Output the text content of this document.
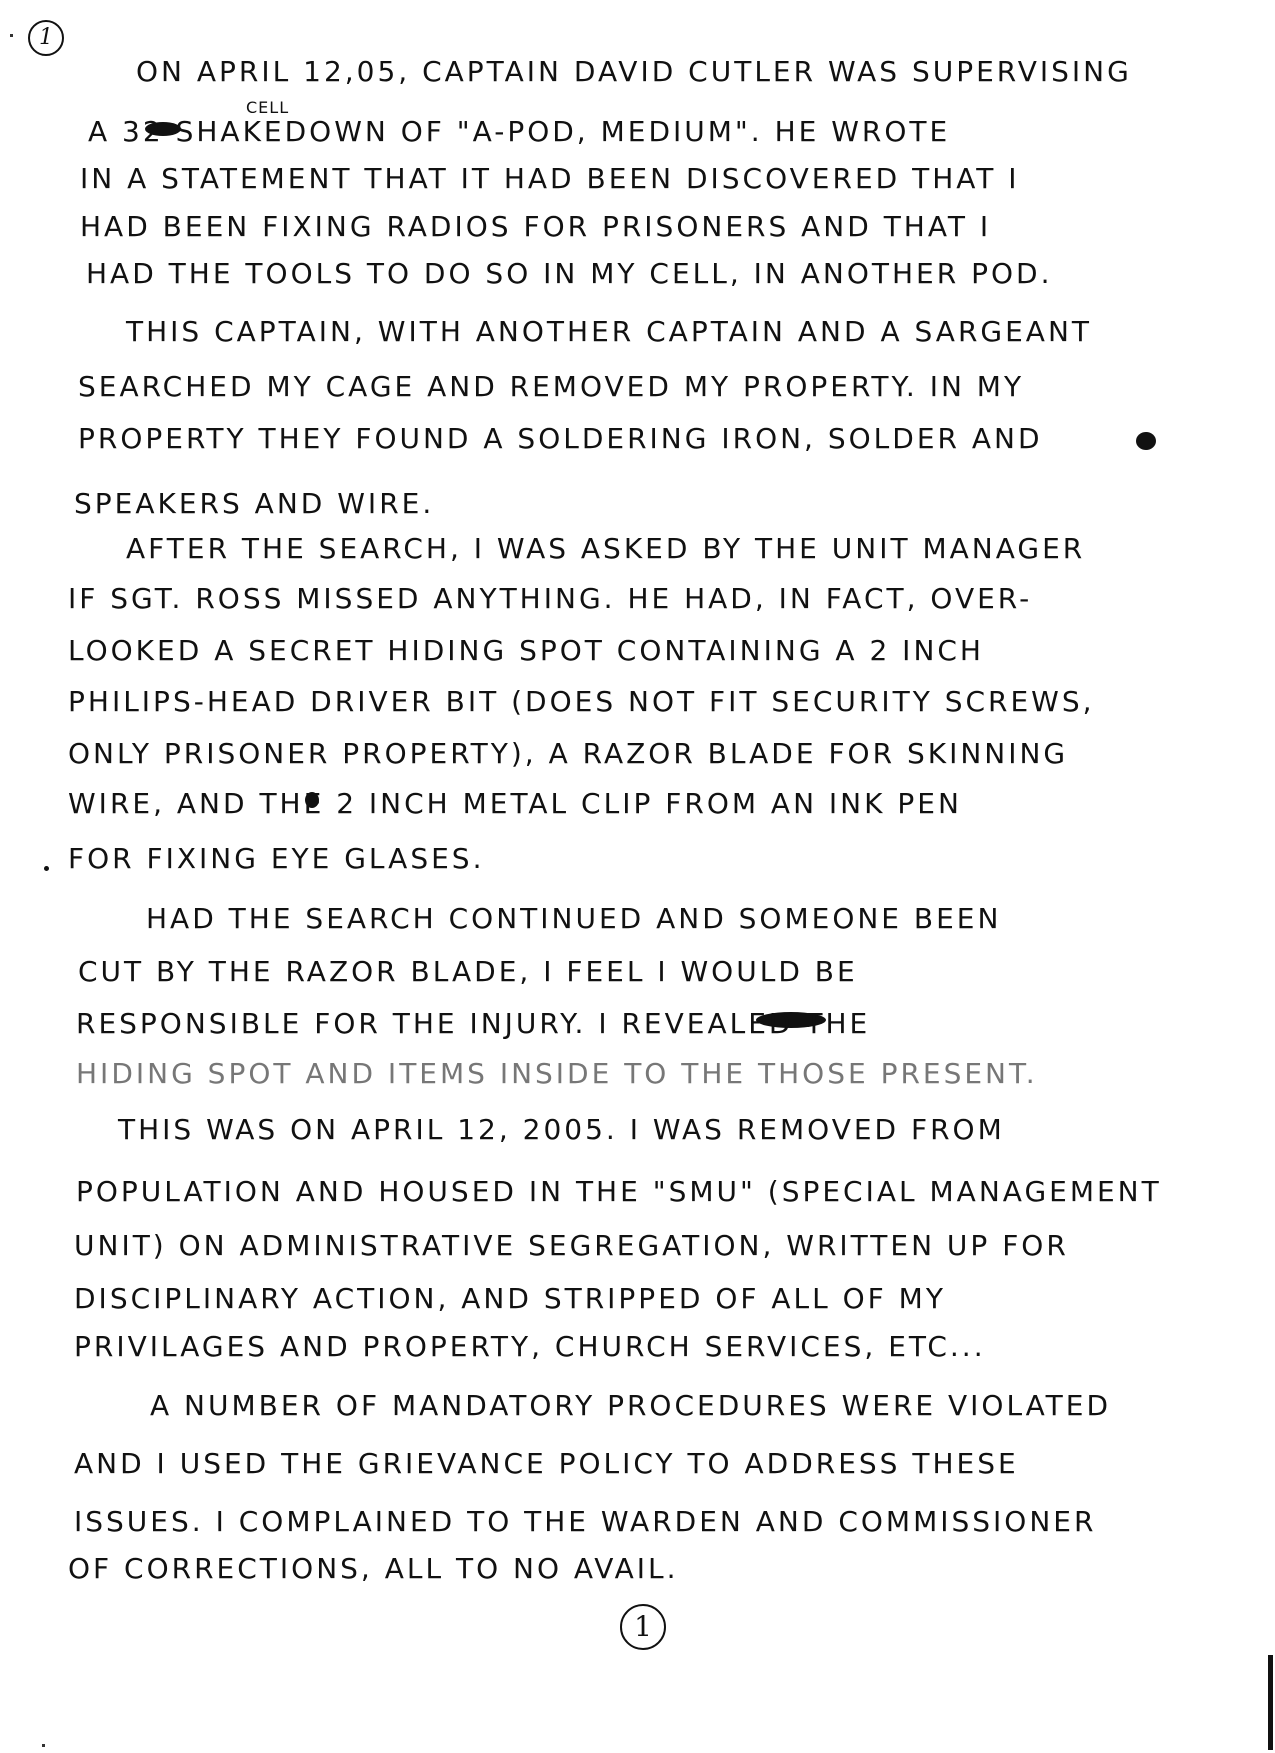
1
CELL
ON APRIL 12,05, CAPTAIN DAVID CUTLER WAS SUPERVISING
A 32 SHAKEDOWN OF "A-POD, MEDIUM". HE WROTE
IN A STATEMENT THAT IT HAD BEEN DISCOVERED THAT I
HAD BEEN FIXING RADIOS FOR PRISONERS AND THAT I
HAD THE TOOLS TO DO SO IN MY CELL, IN ANOTHER POD.
THIS CAPTAIN, WITH ANOTHER CAPTAIN AND A SARGEANT
SEARCHED MY CAGE AND REMOVED MY PROPERTY. IN MY
PROPERTY THEY FOUND A SOLDERING IRON, SOLDER AND
SPEAKERS AND WIRE.
AFTER THE SEARCH, I WAS ASKED BY THE UNIT MANAGER
IF SGT. ROSS MISSED ANYTHING. HE HAD, IN FACT, OVER-
LOOKED A SECRET HIDING SPOT CONTAINING A 2 INCH
PHILIPS-HEAD DRIVER BIT (DOES NOT FIT SECURITY SCREWS,
ONLY PRISONER PROPERTY), A RAZOR BLADE FOR SKINNING
WIRE, AND THE 2 INCH METAL CLIP FROM AN INK PEN
FOR FIXING EYE GLASES.
HAD THE SEARCH CONTINUED AND SOMEONE BEEN
CUT BY THE RAZOR BLADE, I FEEL I WOULD BE
RESPONSIBLE FOR THE INJURY. I REVEALED THE
HIDING SPOT AND ITEMS INSIDE TO THE THOSE PRESENT.
THIS WAS ON APRIL 12, 2005. I WAS REMOVED FROM
POPULATION AND HOUSED IN THE "SMU" (SPECIAL MANAGEMENT
UNIT) ON ADMINISTRATIVE SEGREGATION, WRITTEN UP FOR
DISCIPLINARY ACTION, AND STRIPPED OF ALL OF MY
PRIVILAGES AND PROPERTY, CHURCH SERVICES, ETC...
A NUMBER OF MANDATORY PROCEDURES WERE VIOLATED
AND I USED THE GRIEVANCE POLICY TO ADDRESS THESE
ISSUES. I COMPLAINED TO THE WARDEN AND COMMISSIONER
OF CORRECTIONS, ALL TO NO AVAIL.
1
